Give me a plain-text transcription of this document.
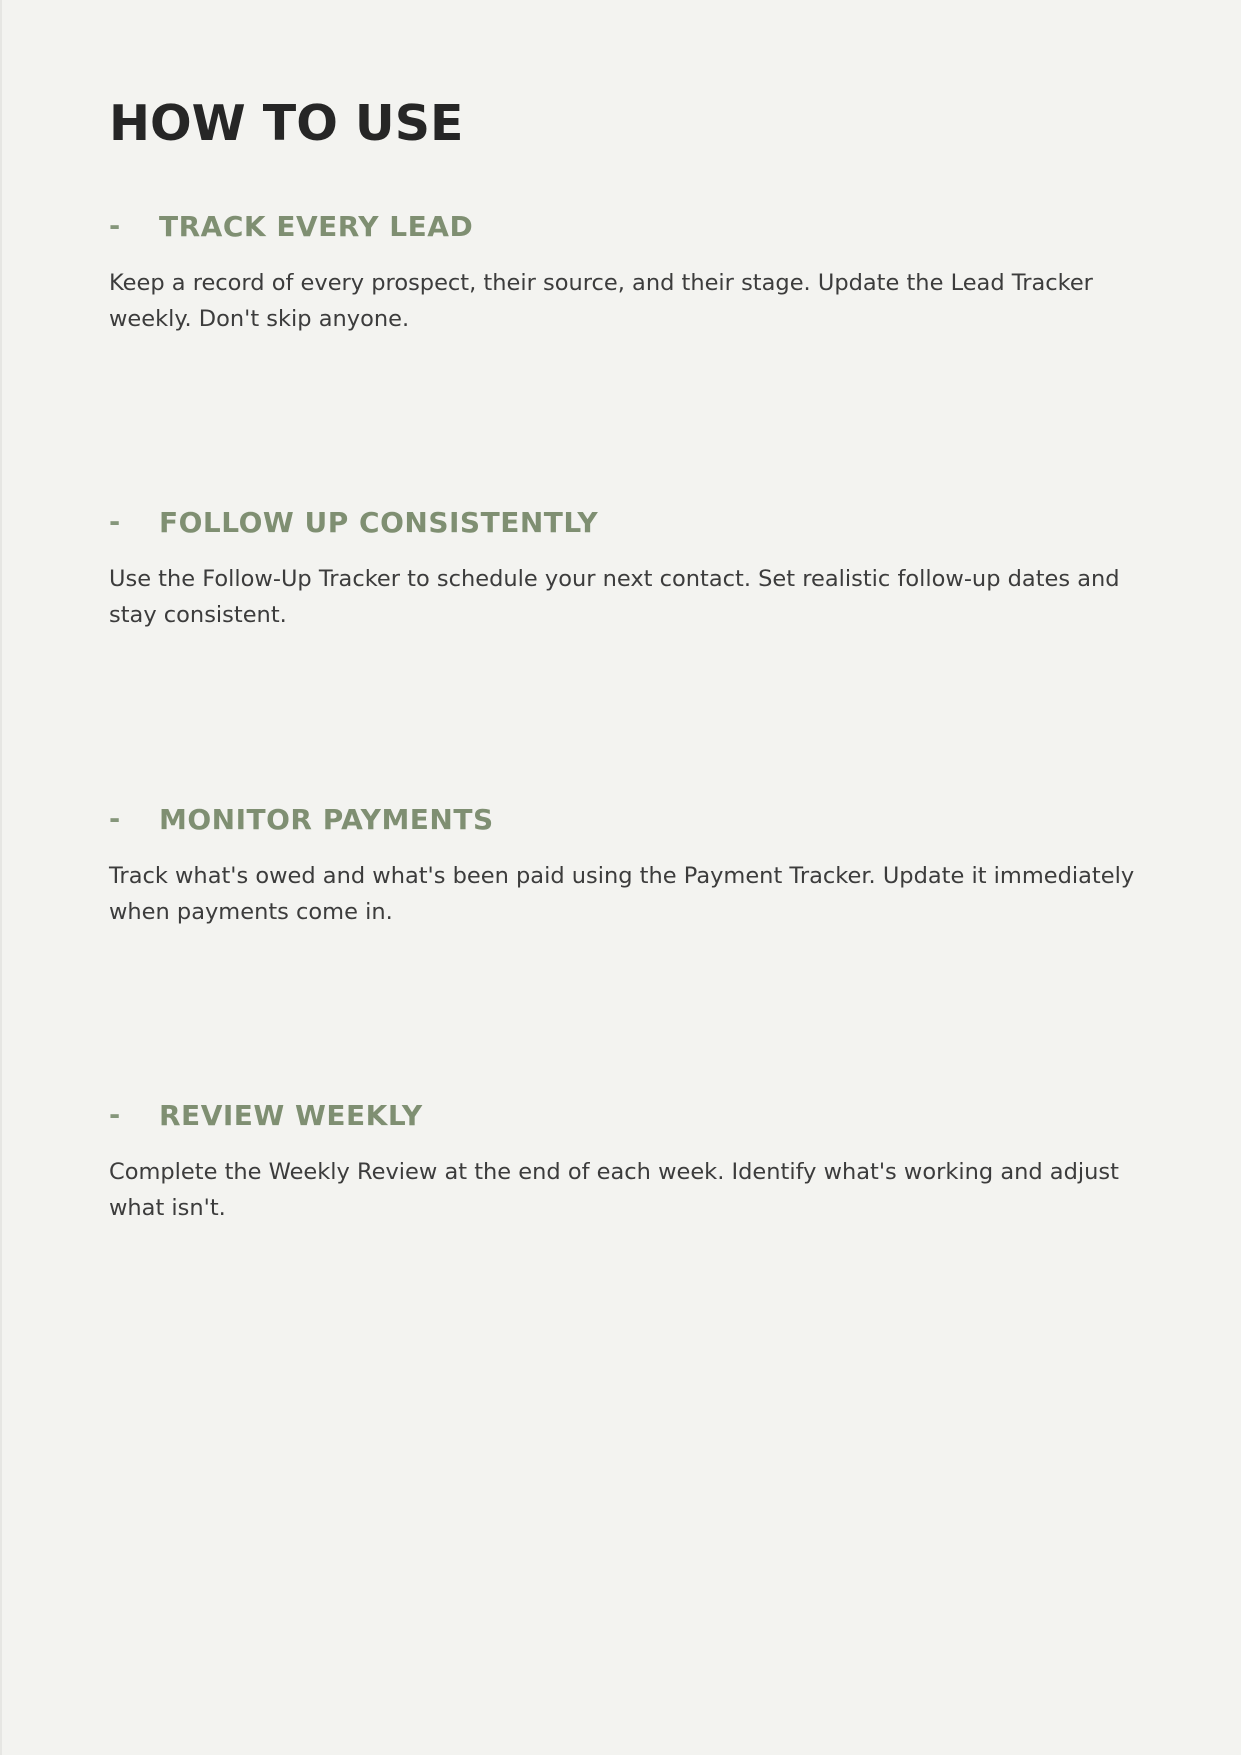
HOW TO USE
- TRACK EVERY LEAD
Keep a record of every prospect, their source, and their stage. Update the Lead Tracker weekly. Don't skip anyone.
- FOLLOW UP CONSISTENTLY
Use the Follow-Up Tracker to schedule your next contact. Set realistic follow-up dates and stay consistent.
- MONITOR PAYMENTS
Track what's owed and what's been paid using the Payment Tracker. Update it immediately when payments come in.
- REVIEW WEEKLY
Complete the Weekly Review at the end of each week. Identify what's working and adjust what isn't.
